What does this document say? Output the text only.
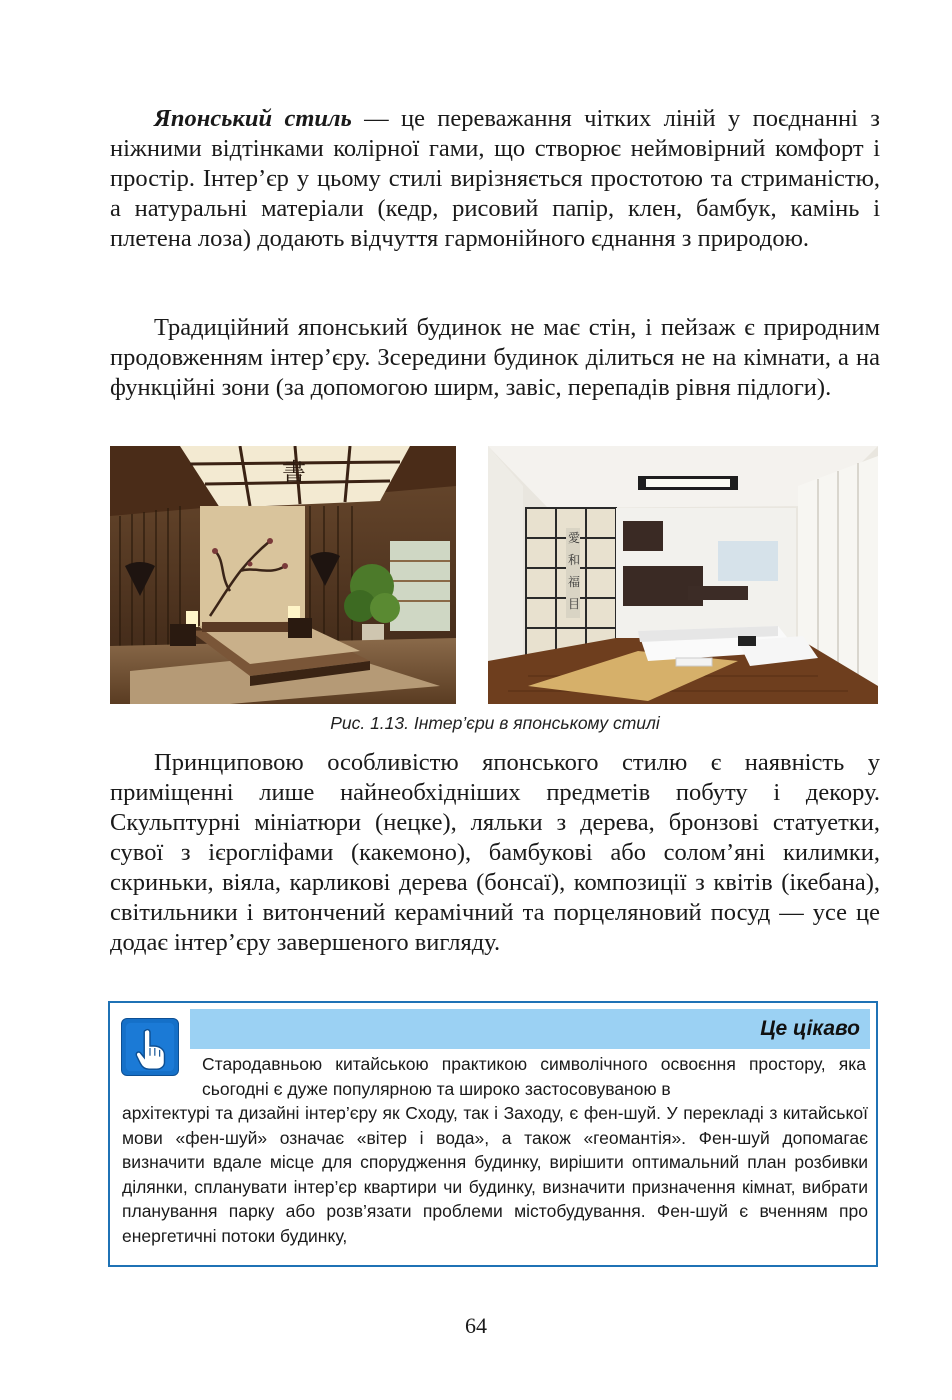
Японський стиль — це переважання чітких ліній у поєднанні з ніжними відтінками колірної гами, що створює неймовірний комфорт і простір. Інтер’єр у цьому стилі вирізняється простотою та стриманістю, а натуральні матеріали (кедр, рисовий папір, клен, бамбук, камінь і плетена лоза) додають відчуття гармонійного єднання з природою.

Традиційний японський будинок не має стін, і пейзаж є природним продовженням інтер’єру. Зсередини будинок ділиться не на кімнати, а на функційні зони (за допомогою ширм, завіс, перепадів рівня підлоги).

書
愛
和
福
目
Рис. 1.13. Інтер’єри в японському стилі

Принциповою особливістю японського стилю є наявність у приміщенні лише найнеобхідніших предметів побуту і декору. Скульптурні мініатюри (нецке), ляльки з дерева, бронзові статуетки, сувої з ієрогліфами (какемоно), бамбукові або солом’яні килимки, скриньки, віяла, карликові дерева (бонсаї), композиції з квітів (ікебана), світильники і витончений керамічний та порцеляновий посуд — усе це додає інтер’єру завершеного вигляду.

Це цікаво

Стародавньою китайською практикою символічного освоєння простору, яка сьогодні є дуже популярною та широко застосовуваною в

архітектурі та дизайні інтер’єру як Сходу, так і Заходу, є фен-шуй. У перекладі з китайської мови «фен-шуй» означає «вітер і вода», а також «геомантія». Фен-шуй допомагає визначити вдале місце для спорудження будинку, вирішити оптимальний план розбивки ділянки, спланувати інтер’єр квартири чи будинку, визначити призначення кімнат, вибрати планування парку або розв’язати проблеми містобудування. Фен-шуй є вченням про енергетичні потоки будинку,

64
